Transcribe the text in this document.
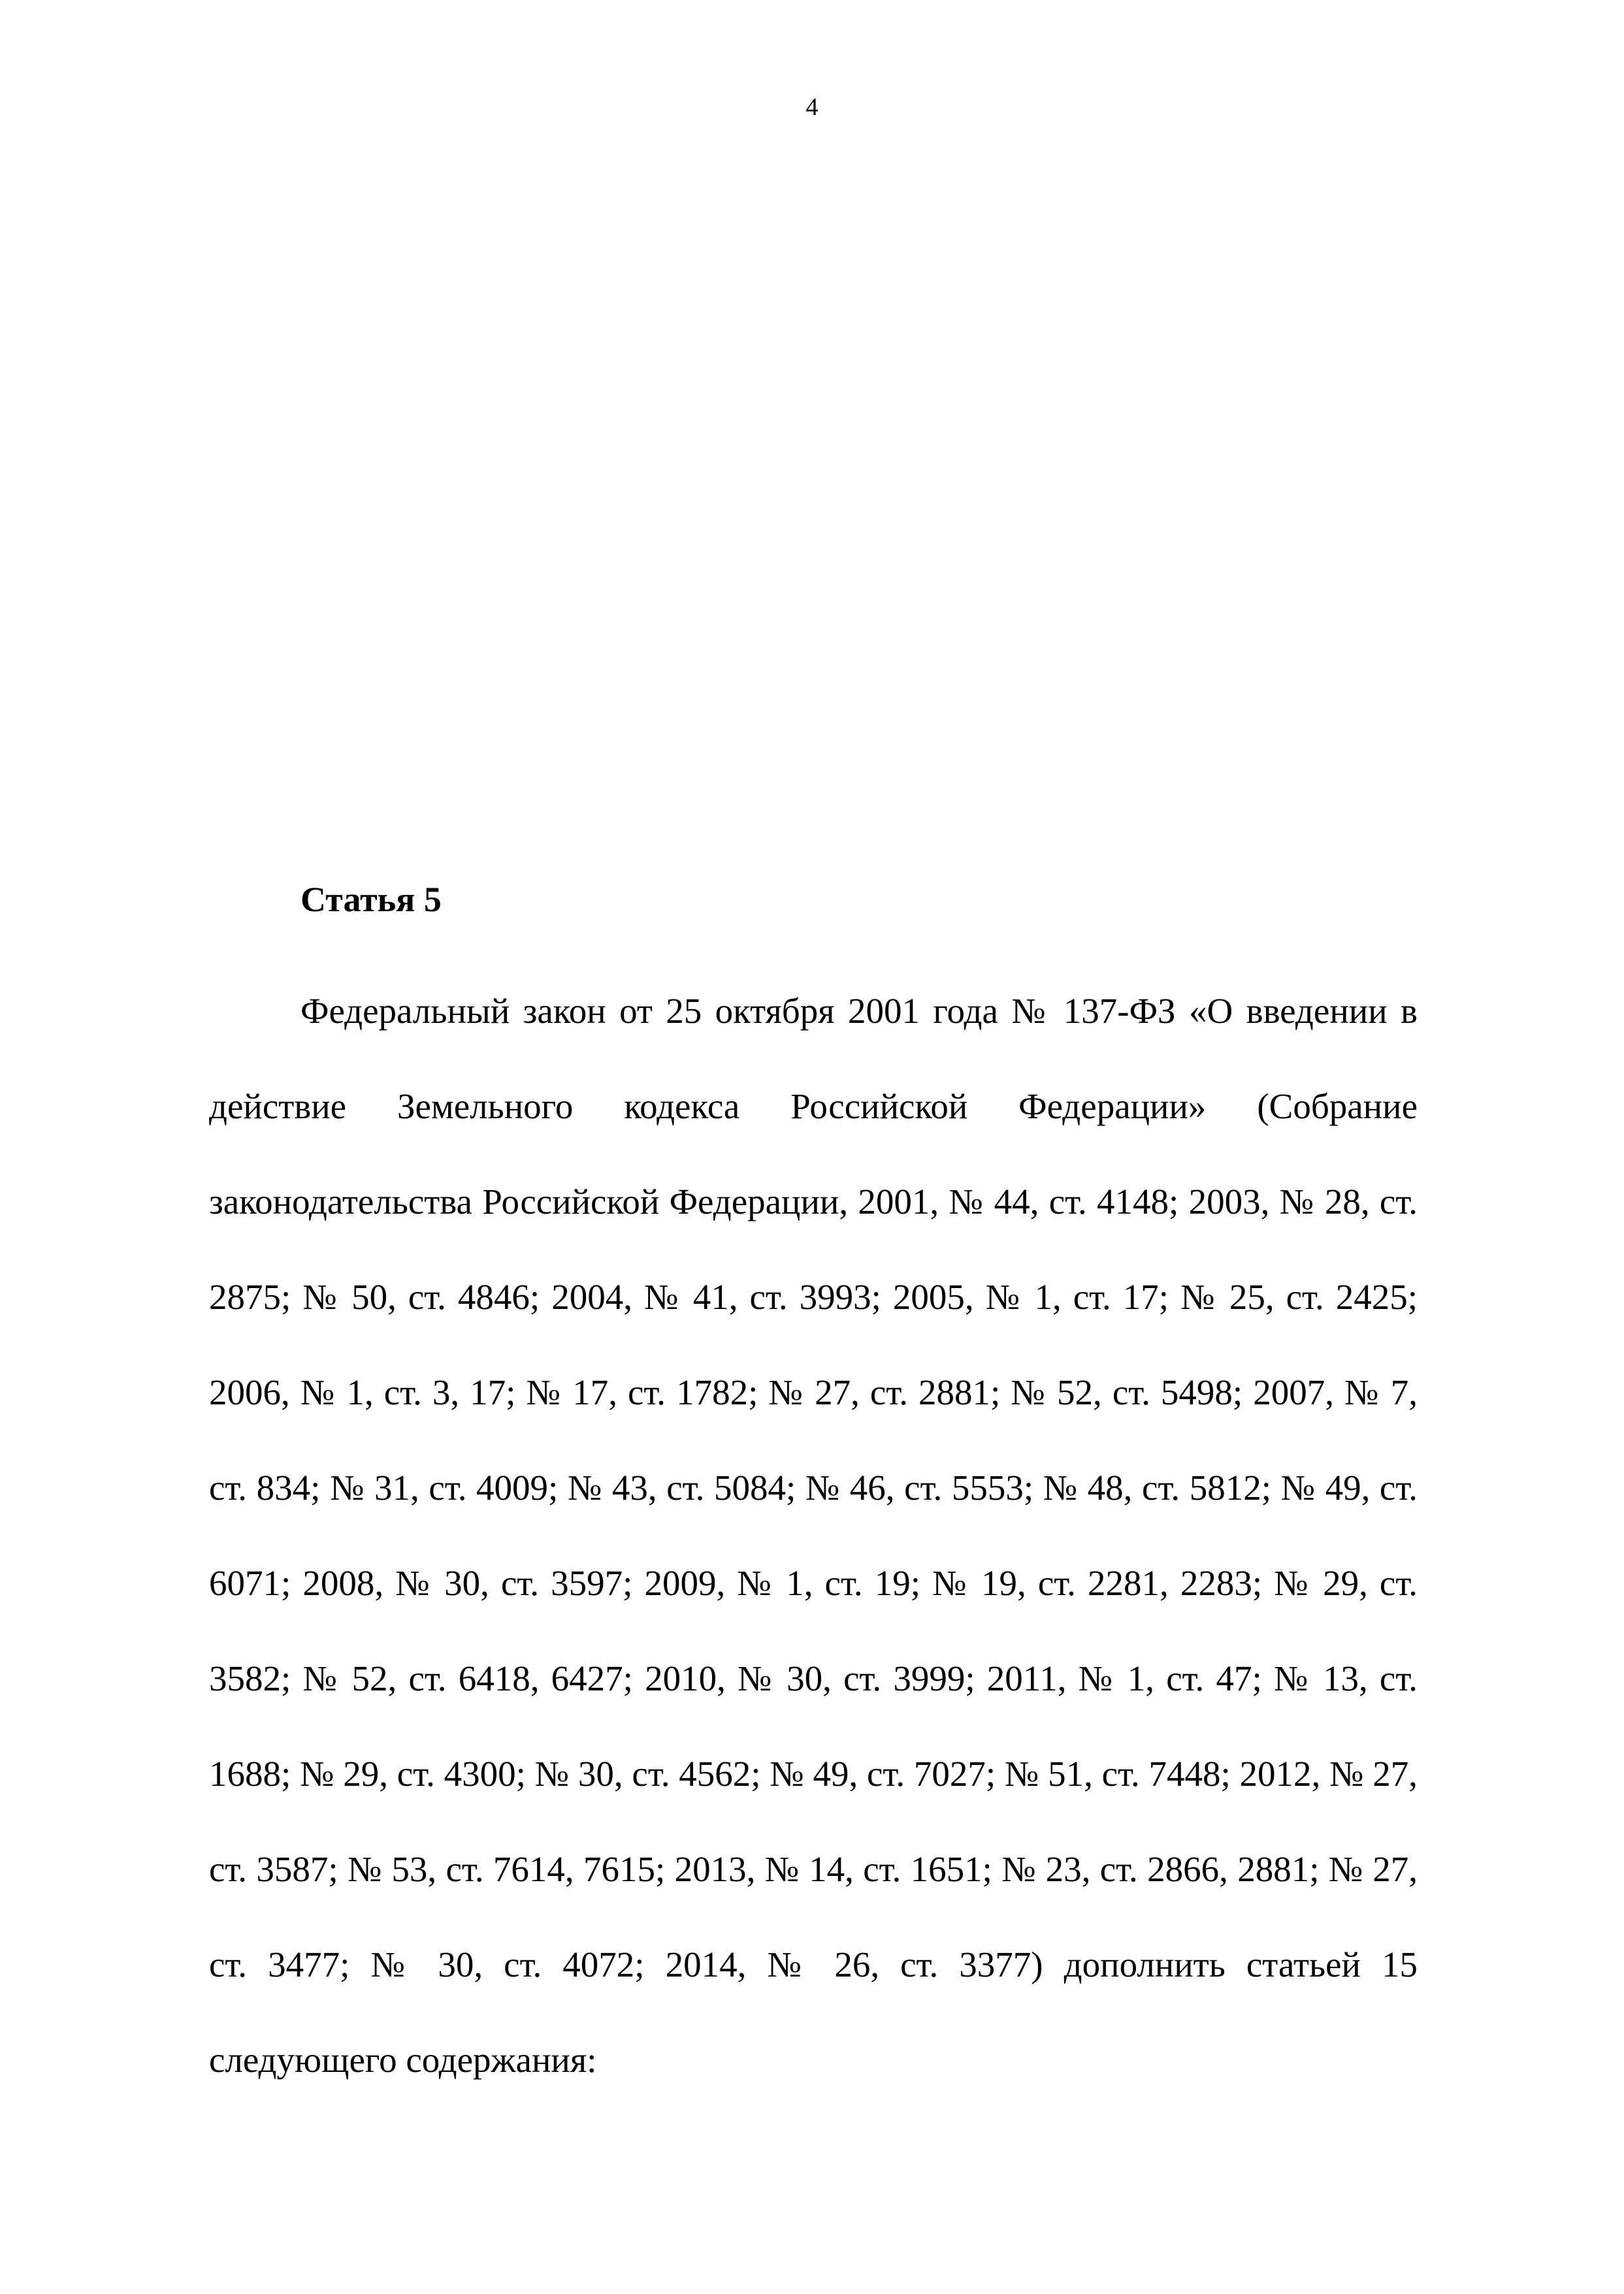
4
Статья 5

Федеральный закон от 25 октября 2001 года № 137-ФЗ «О введении в действие Земельного кодекса Российской Федерации» (Собрание законодательства Российской Федерации, 2001, № 44, ст. 4148; 2003, № 28, ст. 2875; № 50, ст. 4846; 2004, № 41, ст. 3993; 2005, № 1, ст. 17; № 25, ст. 2425; 2006, № 1, ст. 3, 17; № 17, ст. 1782; № 27, ст. 2881; № 52, ст. 5498; 2007, № 7, ст. 834; № 31, ст. 4009; № 43, ст. 5084; № 46, ст. 5553; № 48, ст. 5812; № 49, ст. 6071; 2008, № 30, ст. 3597; 2009, № 1, ст. 19; № 19, ст. 2281, 2283; № 29, ст. 3582; № 52, ст. 6418, 6427; 2010, № 30, ст. 3999; 2011, № 1, ст. 47; № 13, ст. 1688; № 29, ст. 4300; № 30, ст. 4562; № 49, ст. 7027; № 51, ст. 7448; 2012, № 27, ст. 3587; № 53, ст. 7614, 7615; 2013, № 14, ст. 1651; № 23, ст. 2866, 2881; № 27, ст. 3477; № 30, ст. 4072; 2014, № 26, ст. 3377) дополнить статьей 15 следующего содержания:
